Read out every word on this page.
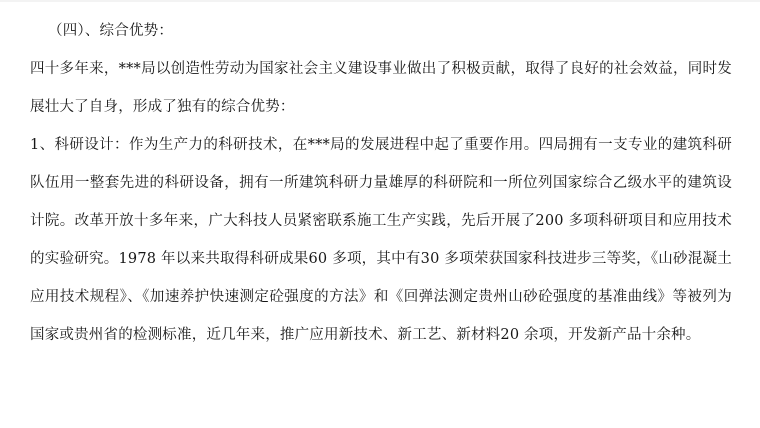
（四）、综合优势：

四十多年来，***局以创造性劳动为国家社会主义建设事业做出了积极贡献，取得了良好的社会效益，同时发展壮大了自身，形成了独有的综合优势：

1、科研设计：作为生产力的科研技术，在***局的发展进程中起了重要作用。四局拥有一支专业的建筑科研队伍用一整套先进的科研设备，拥有一所建筑科研力量雄厚的科研院和一所位列国家综合乙级水平的建筑设计院。改革开放十多年来，广大科技人员紧密联系施工生产实践，先后开展了200 多项科研项目和应用技术的实验研究。1978 年以来共取得科研成果60 多项，其中有30 多项荣获国家科技进步三等奖，《山砂混凝土应用技术规程》、《加速养护快速测定砼强度的方法》和《回弹法测定贵州山砂砼强度的基准曲线》等被列为国家或贵州省的检测标准，近几年来，推广应用新技术、新工艺、新材料20 余项，开发新产品十余种。
